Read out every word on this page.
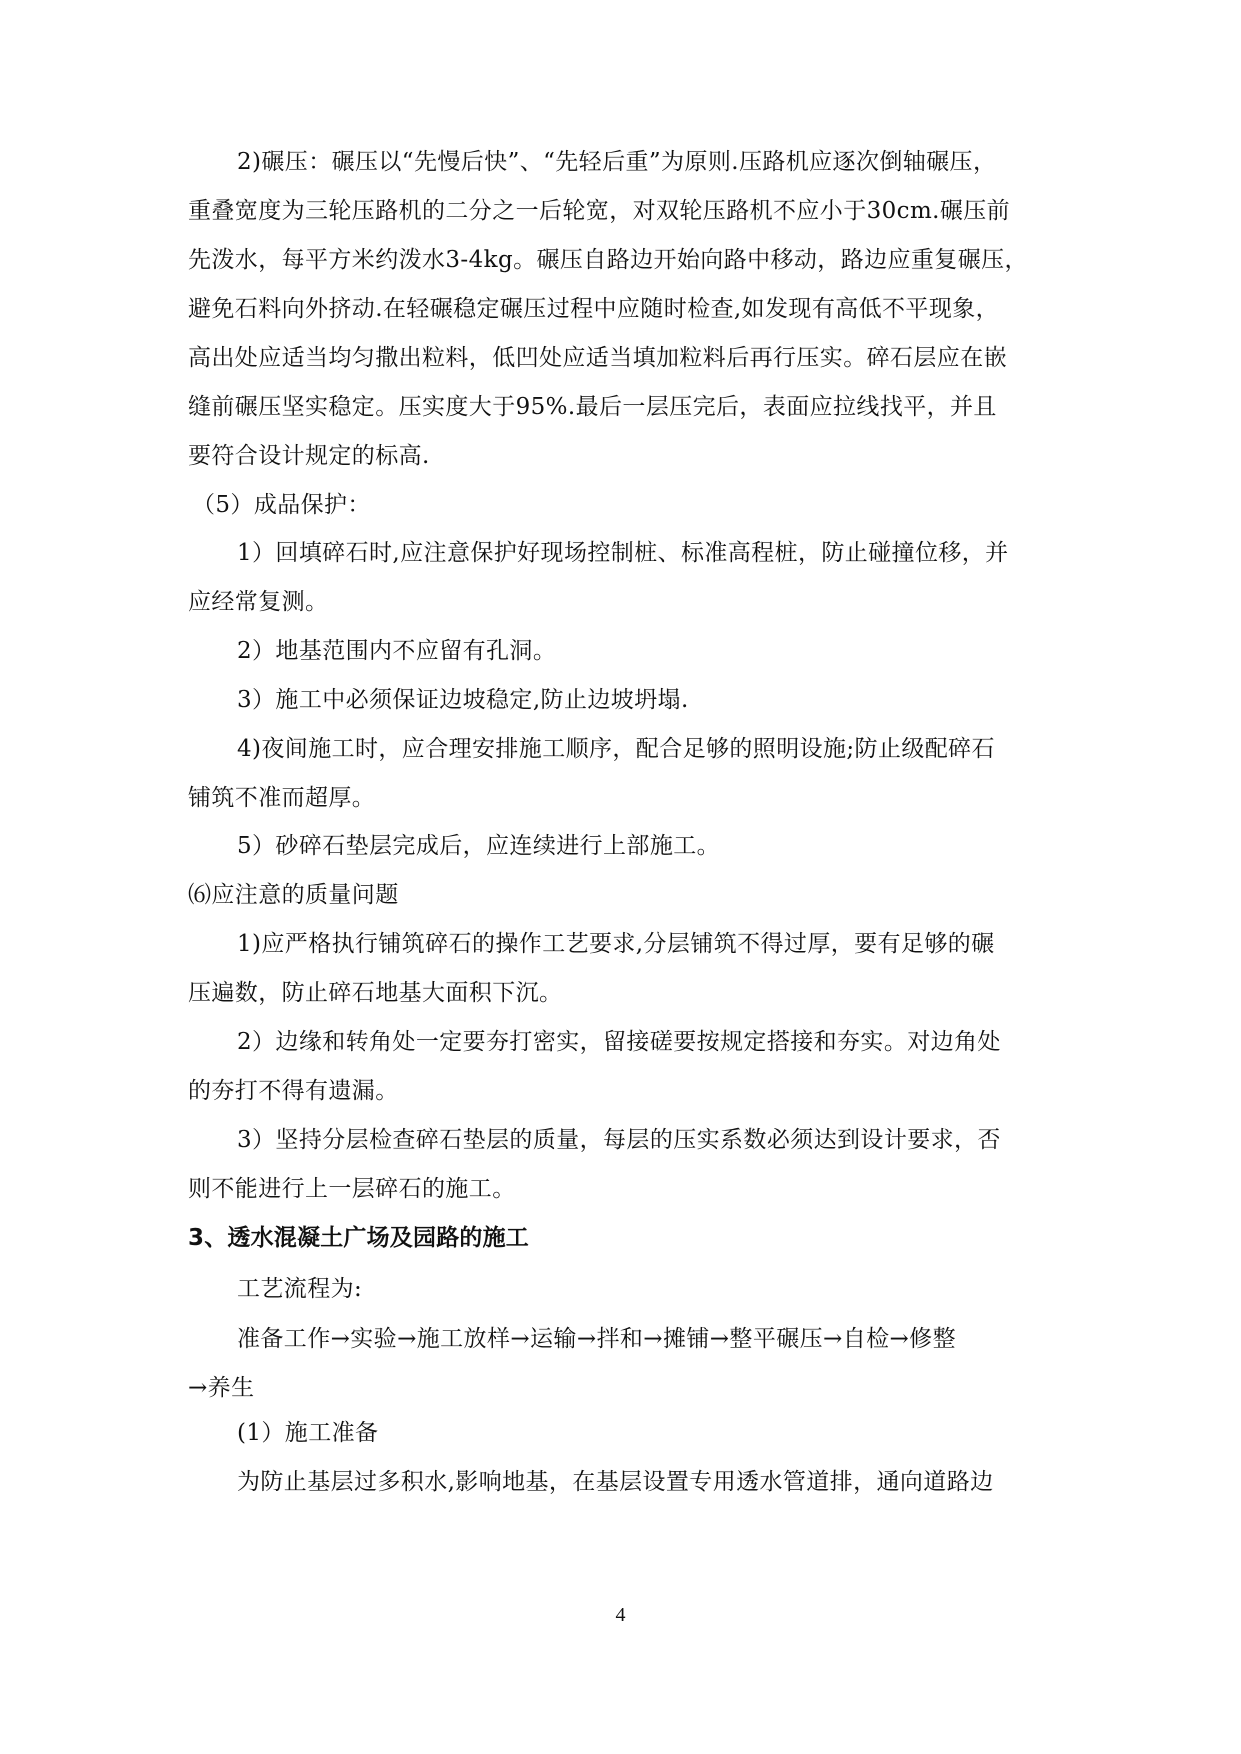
2)碾压：碾压以“先慢后快”、“先轻后重”为原则.压路机应逐次倒轴碾压，
重叠宽度为三轮压路机的二分之一后轮宽，对双轮压路机不应小于30cm.碾压前
先泼水，每平方米约泼水3-4kg。碾压自路边开始向路中移动，路边应重复碾压，
避免石料向外挤动.在轻碾稳定碾压过程中应随时检查,如发现有高低不平现象，
高出处应适当均匀撒出粒料，低凹处应适当填加粒料后再行压实。碎石层应在嵌
缝前碾压坚实稳定。压实度大于95%.最后一层压完后，表面应拉线找平，并且
要符合设计规定的标高.
（5）成品保护：
1）回填碎石时,应注意保护好现场控制桩、标准高程桩，防止碰撞位移，并
应经常复测。
2）地基范围内不应留有孔洞。
3）施工中必须保证边坡稳定,防止边坡坍塌.
4)夜间施工时，应合理安排施工顺序，配合足够的照明设施;防止级配碎石
铺筑不准而超厚。
5）砂碎石垫层完成后，应连续进行上部施工。
⑹应注意的质量问题
1)应严格执行铺筑碎石的操作工艺要求,分层铺筑不得过厚，要有足够的碾
压遍数，防止碎石地基大面积下沉。
2）边缘和转角处一定要夯打密实，留接磋要按规定搭接和夯实。对边角处
的夯打不得有遗漏。
3）坚持分层检查碎石垫层的质量，每层的压实系数必须达到设计要求，否
则不能进行上一层碎石的施工。
3、透水混凝土广场及园路的施工
工艺流程为:
准备工作→实验→施工放样→运输→拌和→摊铺→整平碾压→自检→修整
→养生
(1）施工准备
为防止基层过多积水,影响地基，在基层设置专用透水管道排，通向道路边
4
